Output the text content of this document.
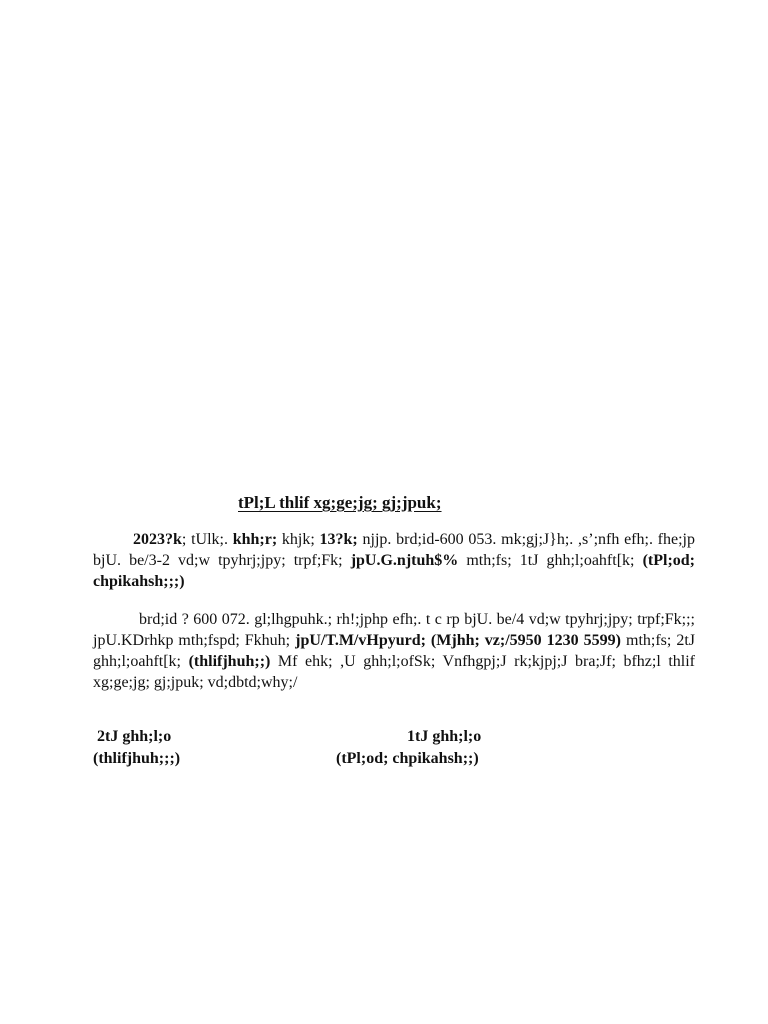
tPl;L thlif xg;ge;jg; gj;jpuk;

2023?k; tUlk;. khh;r; khjk; 13?k; njjp. brd;id-600 053. mk;gj;J}h;. ,s’;nfh efh;. fhe;jp bjU. be/3-2 vd;w tpyhrj;jpy; trpf;Fk; jpU.G.njtuh$% mth;fs; 1tJ ghh;l;oahft[k; (tPl;od; chpikahsh;;;)

brd;id ? 600 072. gl;lhgpuhk.; rh!;jphp efh;. t c rp bjU. be/4 vd;w tpyhrj;jpy; trpf;Fk;;; jpU.KDrhkp mth;fspd; Fkhuh; jpU/T.M/vHpyurd; (Mjhh; vz;/5950 1230 5599) mth;fs; 2tJ ghh;l;oahft[k; (thlifjhuh;;) Mf ehk; ,U ghh;l;ofSk; Vnfhgpj;J rk;kjpj;J bra;Jf; bfhz;l thlif xg;ge;jg; gj;jpuk; vd;dbtd;why;/

2tJ ghh;l;o
(thlifjhuh;;;)
1tJ ghh;l;o
(tPl;od; chpikahsh;;)
